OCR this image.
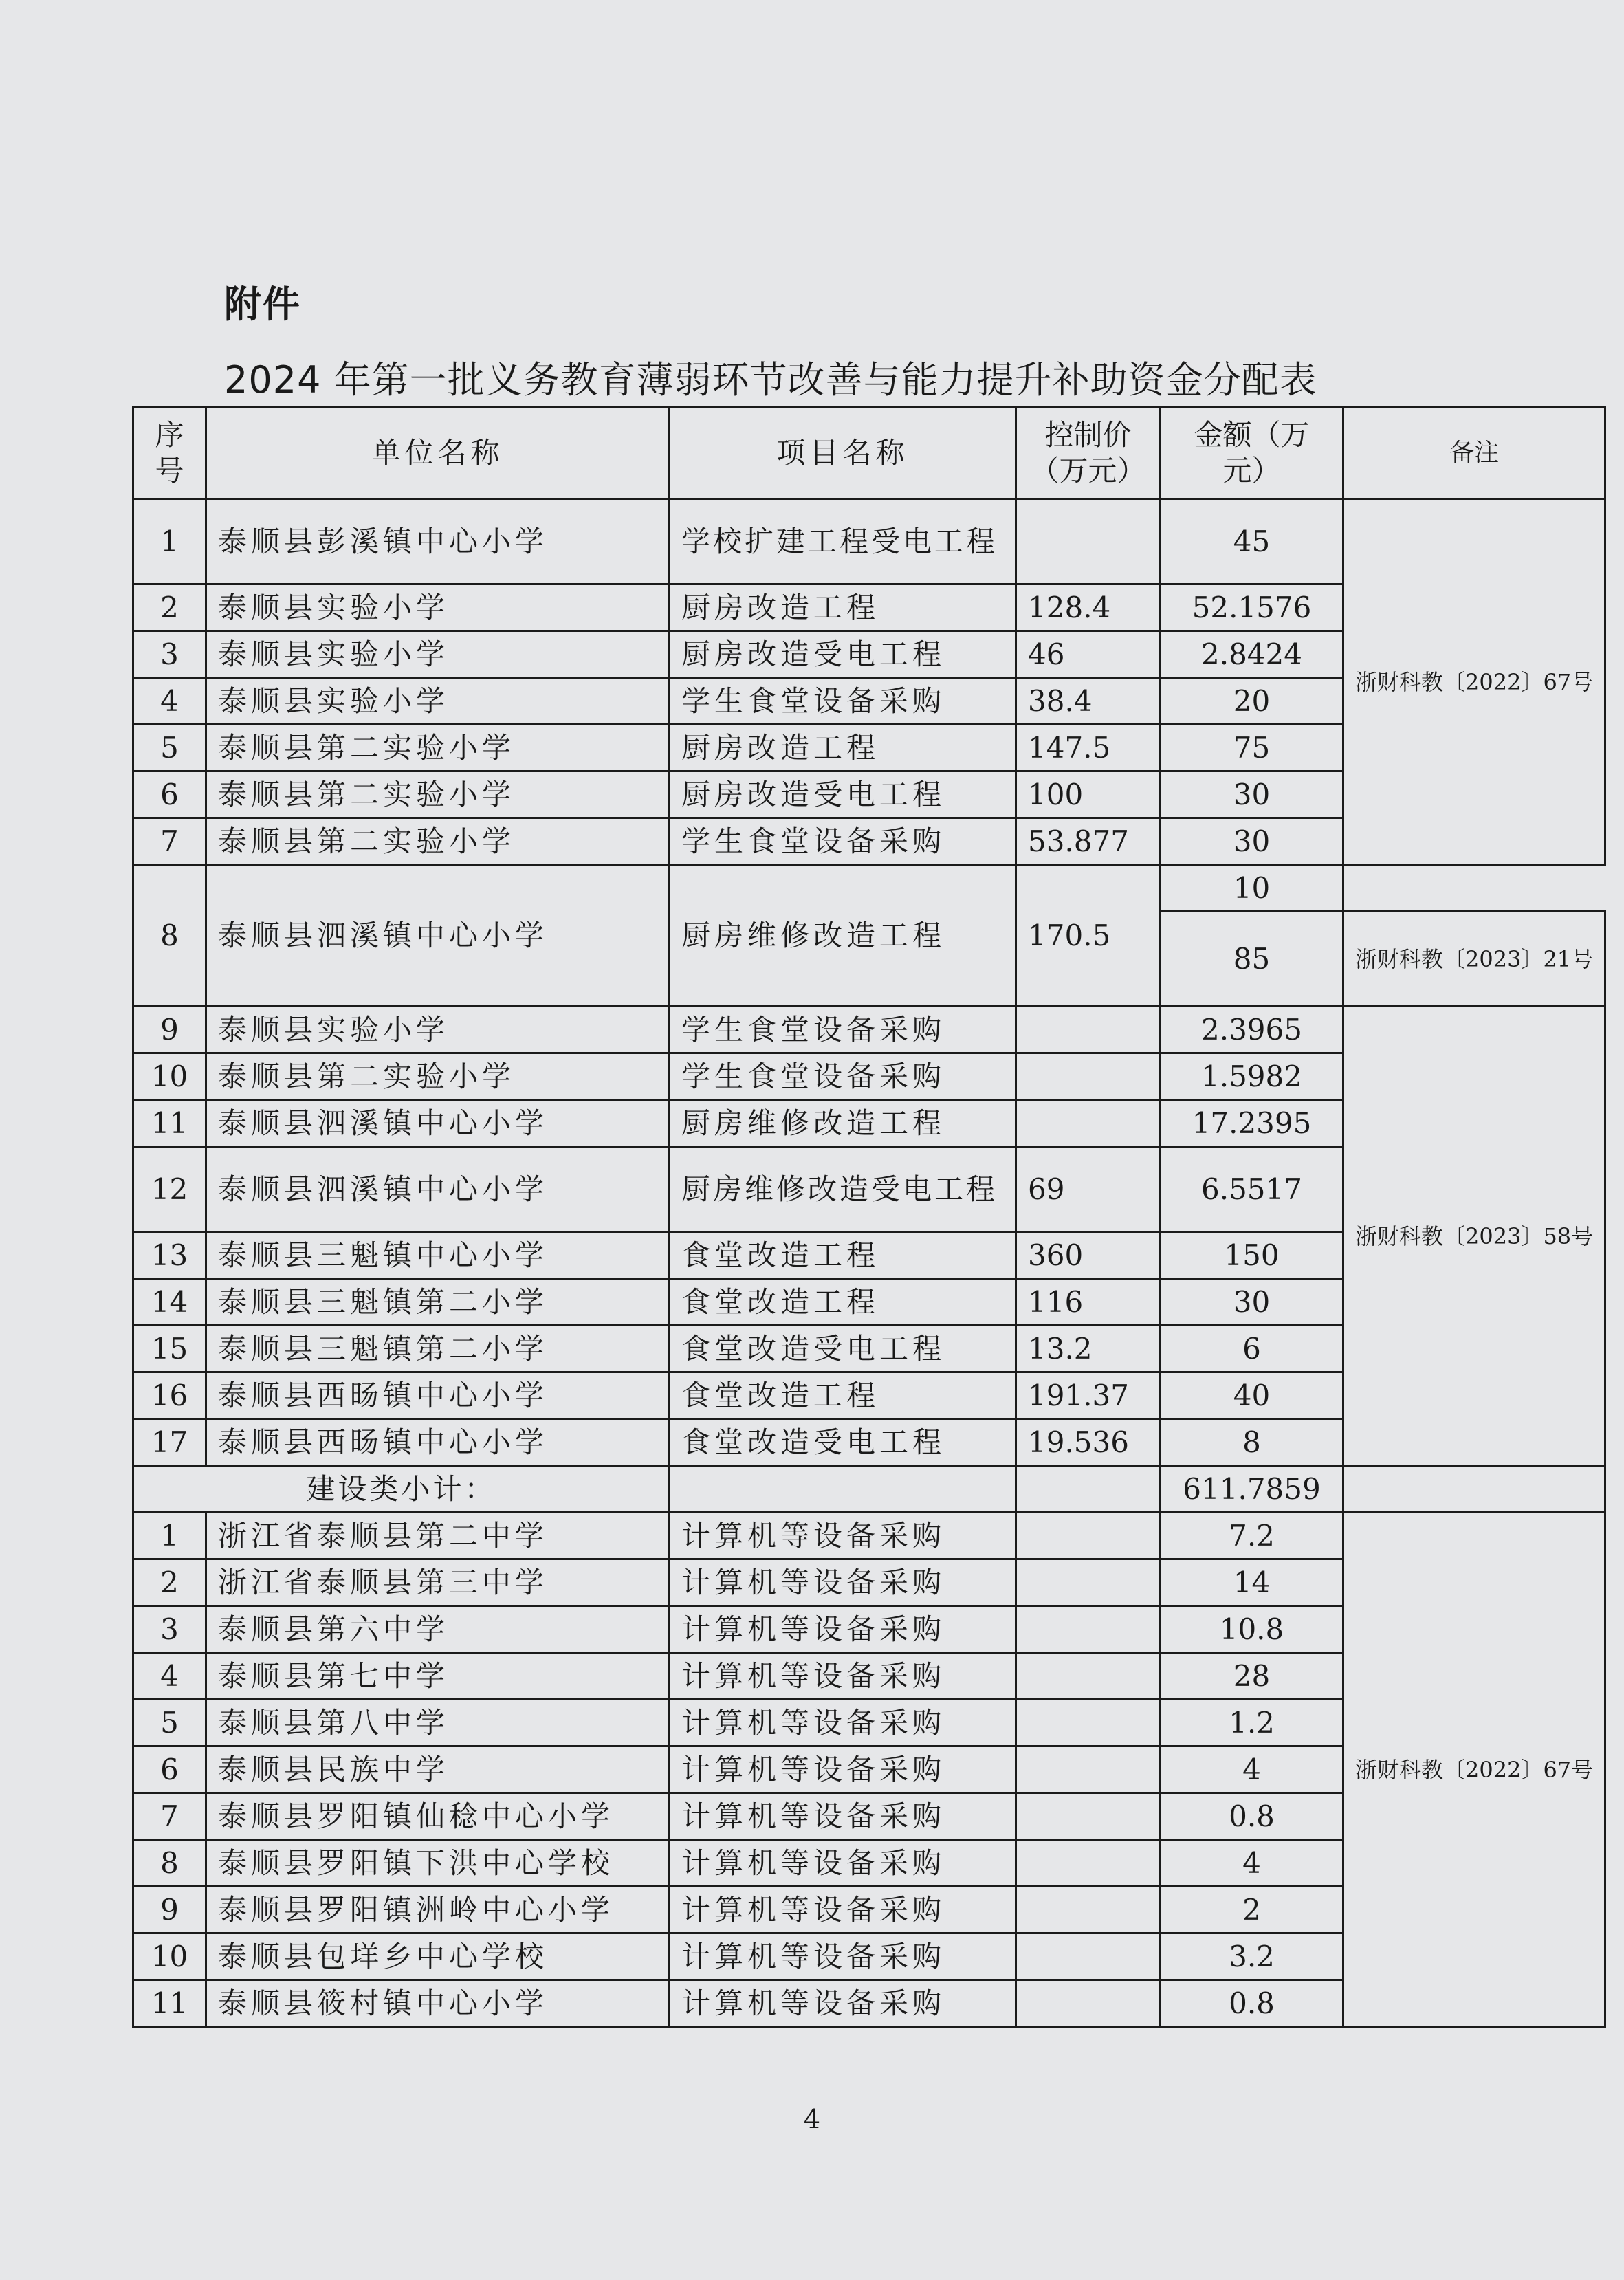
附件
2024 年第一批义务教育薄弱环节改善与能力提升补助资金分配表
序号	单位名称	项目名称	控制价（万元）	金额（万元）	备注
1	泰顺县彭溪镇中心小学	学校扩建工程受电工程		45	浙财科教〔2022〕67号
2	泰顺县实验小学	厨房改造工程	128.4	52.1576	
3	泰顺县实验小学	厨房改造受电工程	46	2.8424	
4	泰顺县实验小学	学生食堂设备采购	38.4	20	
5	泰顺县第二实验小学	厨房改造工程	147.5	75	
6	泰顺县第二实验小学	厨房改造受电工程	100	30	
7	泰顺县第二实验小学	学生食堂设备采购	53.877	30	
8	泰顺县泗溪镇中心小学	厨房维修改造工程	170.5	10	
				85	浙财科教〔2023〕21号
9	泰顺县实验小学	学生食堂设备采购		2.3965	浙财科教〔2023〕58号
10	泰顺县第二实验小学	学生食堂设备采购		1.5982	
11	泰顺县泗溪镇中心小学	厨房维修改造工程		17.2395	
12	泰顺县泗溪镇中心小学	厨房维修改造受电工程	69	6.5517	
13	泰顺县三魁镇中心小学	食堂改造工程	360	150	
14	泰顺县三魁镇第二小学	食堂改造工程	116	30	
15	泰顺县三魁镇第二小学	食堂改造受电工程	13.2	6	
16	泰顺县西旸镇中心小学	食堂改造工程	191.37	40	
17	泰顺县西旸镇中心小学	食堂改造受电工程	19.536	8	
建设类小计：				611.7859	
1	浙江省泰顺县第二中学	计算机等设备采购		7.2	浙财科教〔2022〕67号
2	浙江省泰顺县第三中学	计算机等设备采购		14	
3	泰顺县第六中学	计算机等设备采购		10.8	
4	泰顺县第七中学	计算机等设备采购		28	
5	泰顺县第八中学	计算机等设备采购		1.2	
6	泰顺县民族中学	计算机等设备采购		4	
7	泰顺县罗阳镇仙稔中心小学	计算机等设备采购		0.8	
8	泰顺县罗阳镇下洪中心学校	计算机等设备采购		4	
9	泰顺县罗阳镇洲岭中心小学	计算机等设备采购		2	
10	泰顺县包垟乡中心学校	计算机等设备采购		3.2	
11	泰顺县筱村镇中心小学	计算机等设备采购		0.8	
4
